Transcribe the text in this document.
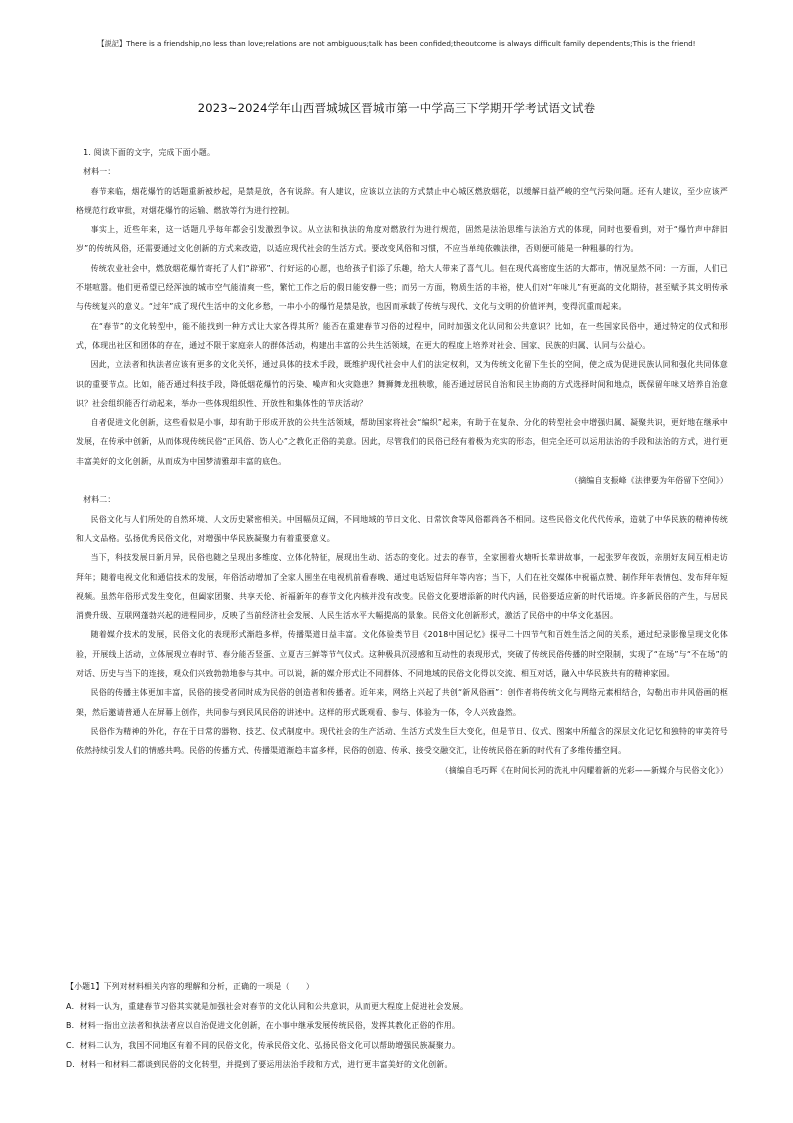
【説記】There is a friendship,no less than love;relations are not ambiguous;talk has been confided;theoutcome is always difficult family dependents;This is the friend!
2023~2024学年山西晋城城区晋城市第一中学高三下学期开学考试语文试卷

1. 阅读下面的文字，完成下面小题。

材料一：

春节来临，烟花爆竹的话题重新被炒起，是禁是放，各有说辞。有人建议，应该以立法的方式禁止中心城区燃放烟花，以缓解日益严峻的空气污染问题。还有人建议，至少应该严格规范行政审批，对烟花爆竹的运输、燃放等行为进行控制。

事实上，近些年来，这一话题几乎每年都会引发激烈争议。从立法和执法的角度对燃放行为进行规范，固然是法治思维与法治方式的体现，同时也要看到，对于“爆竹声中辞旧岁”的传统风俗，还需要通过文化创新的方式来改造，以适应现代社会的生活方式。要改变风俗和习惯，不应当单纯依赖法律，否则便可能是一种粗暴的行为。

传统农业社会中，燃放烟花爆竹寄托了人们“辟邪”、行好运的心愿，也给孩子们添了乐趣，给大人带来了喜气儿。但在现代高密度生活的大都市，情况显然不同：一方面，人们已不堪喧嚣。他们更希望已经浑浊的城市空气能清爽一些，繁忙工作之后的假日能安静一些；而另一方面，物质生活的丰裕，使人们对“年味儿”有更高的文化期待，甚至赋予其文明传承与传统复兴的意义。“过年”成了现代生活中的文化乡愁，一串小小的爆竹是禁是放，也因而承载了传统与现代、文化与文明的价值评判，变得沉重而起来。

在“春节”的文化转型中，能不能找到一种方式让大家各得其所？能否在重建春节习俗的过程中，同时加强文化认同和公共意识？比如，在一些国家民俗中，通过特定的仪式和形式，体现出社区和团体的存在，通过不限于家庭亲人的群体活动，构建出丰富的公共生活领域，在更大的程度上培养对社会、国家、民族的归属、认同与公益心。

因此，立法者和执法者应该有更多的文化关怀，通过具体的技术手段，既维护现代社会中人们的法定权利，又为传统文化留下生长的空间，使之成为促进民族认同和强化共同体意识的重要节点。比如，能否通过科技手段，降低烟花爆竹的污染、噪声和火灾隐患？舞狮舞龙扭秧歌，能否通过居民自治和民主协商的方式选择时间和地点，既保留年味又培养自治意识？社会组织能否行动起来，举办一些体现组织性、开放性和集体性的节庆活动？

自者促进文化创新，这些看似是小事，却有助于形成开放的公共生活领域，帮助国家将社会“编织”起来，有助于在复杂、分化的转型社会中增强归属、凝聚共识，更好地在继承中发展，在传承中创新，从而体现传统民俗“正风俗、饬人心”之教化正俗的美意。因此，尽管我们的民俗已经有着极为充实的形态，但完全还可以运用法治的手段和法治的方式，进行更丰富美好的文化创新，从而成为中国梦清雅却丰富的底色。

（摘编自支振峰《法律要为年俗留下空间》）

材料二：

民俗文化与人们所处的自然环境、人文历史紧密相关。中国幅员辽阔，不同地域的节日文化、日常饮食等风俗都尚各不相同。这些民俗文化代代传承，造就了中华民族的精神传统和人文品格。弘扬优秀民俗文化，对增强中华民族凝聚力有着重要意义。

当下，科技发展日新月异，民俗也随之呈现出多维度、立体化特征，展现出生动、活态的变化。过去的春节，全家围着火塘听长辈讲故事，一起张罗年夜饭，亲朋好友间互相走访拜年；随着电视文化和通信技术的发展，年俗活动增加了全家人围坐在电视机前看春晚、通过电话短信拜年等内容；当下，人们在社交媒体中祝福点赞、制作拜年表情包、发布拜年短视频。虽然年俗形式发生变化，但阖家团聚、共享天伦、祈福新年的春节文化内核并没有改变。民俗文化要增添新的时代内涵，民俗要适应新的时代语境。许多新民俗的产生，与居民消费升级、互联网蓬勃兴起的进程同步，反映了当前经济社会发展、人民生活水平大幅提高的景象。民俗文化创新形式，激活了民俗中的中华文化基因。

随着媒介技术的发展，民俗文化的表现形式渐趋多样，传播渠道日益丰富。文化体验类节目《2018中国记忆》探寻二十四节气和百姓生活之间的关系，通过纪录影像呈现文化体验，开展线上活动，立体展现立春时节、春分能否竖蛋、立夏吉三鲜等节气仪式。这种极具沉浸感和互动性的表现形式，突破了传统民俗传播的时空限制，实现了“在场”与“不在场”的对话、历史与当下的连接，观众们兴致勃勃地参与其中。可以说，新的媒介形式让不同群体、不同地域的民俗文化得以交流、相互对话，融入中华民族共有的精神家园。

民俗的传播主体更加丰富，民俗的接受者同时成为民俗的创造者和传播者。近年来，网络上兴起了共创“新风俗画”：创作者将传统文化与网络元素相结合，勾勒出市井风俗画的框架，然后邀请普通人在屏幕上创作，共同参与到民风民俗的讲述中。这样的形式既观看、参与、体验为一体，令人兴致盎然。

民俗作为精神的外化，存在于日常的器物、技艺、仪式制度中。现代社会的生产活动、生活方式发生巨大变化，但是节日、仪式、图案中所蕴含的深层文化记忆和独特的审美符号依然持续引发人们的情感共鸣。民俗的传播方式、传播渠道渐趋丰富多样，民俗的创造、传承、接受交融交汇，让传统民俗在新的时代有了多维传播空间。

（摘编自毛巧晖《在时间长河的洗礼中闪耀着新的光彩——新媒介与民俗文化》）

【小题1】下列对材料相关内容的理解和分析，正确的一项是（　　）

A．材料一认为，重建春节习俗其实就是加强社会对春节的文化认同和公共意识，从而更大程度上促进社会发展。

B．材料一指出立法者和执法者应以自治促进文化创新，在小事中继承发展传统民俗，发挥其教化正俗的作用。

C．材料二认为，我国不同地区有着不同的民俗文化，传承民俗文化、弘扬民俗文化可以帮助增强民族凝聚力。

D．材料一和材料二都谈到民俗的文化转型，并提到了要运用法治手段和方式，进行更丰富美好的文化创新。
